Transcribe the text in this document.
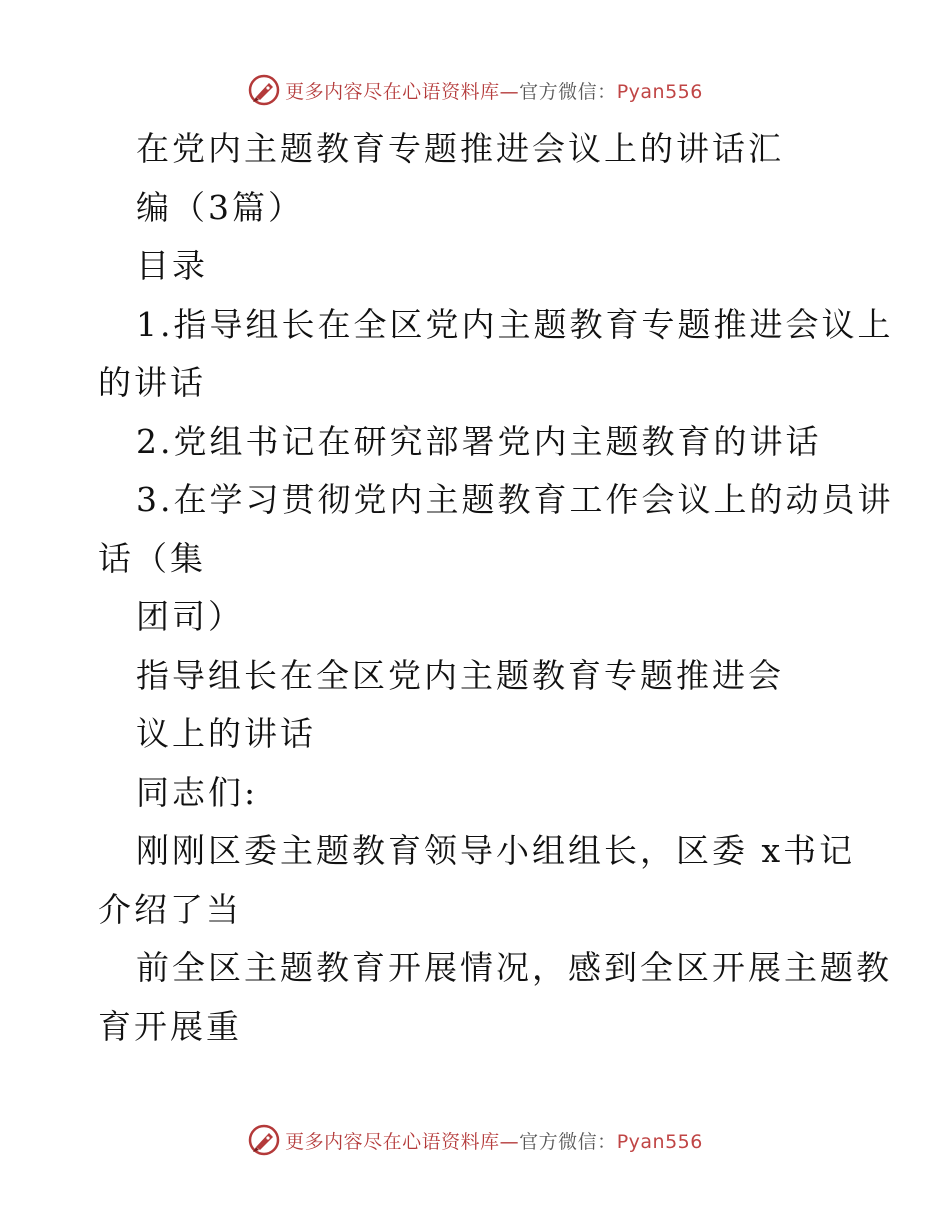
更多内容尽在心语资料库—官方微信：Pyan556
在党内主题教育专题推进会议上的讲话汇
编（3篇）
目录
1.指导组长在全区党内主题教育专题推进会议上
的讲话
2.党组书记在研究部署党内主题教育的讲话
3.在学习贯彻党内主题教育工作会议上的动员讲
话（集
团司）
指导组长在全区党内主题教育专题推进会
议上的讲话
同志们:
刚刚区委主题教育领导小组组长，区委 x书记
介绍了当
前全区主题教育开展情况，感到全区开展主题教
育开展重
更多内容尽在心语资料库—官方微信：Pyan556
